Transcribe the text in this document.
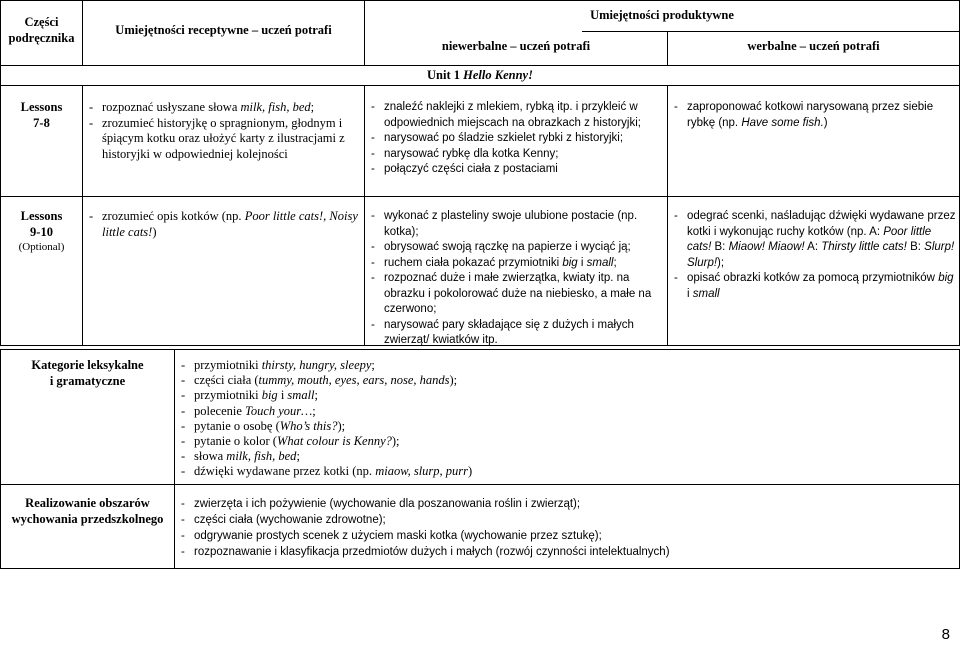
Części podręcznika
Umiejętności receptywne – uczeń potrafi
Umiejętności produktywne
niewerbalne – uczeń potrafi	werbalne – uczeń potrafi
Unit 1 Hello Kenny!
Lessons
7-8
- rozpoznać usłyszane słowa milk, fish, bed;
- zrozumieć historyjkę o spragnionym, głodnym i śpiącym kotku oraz ułożyć karty z ilustracjami z historyjki w odpowiedniej kolejności
- znaleźć naklejki z mlekiem, rybką itp. i przykleić w odpowiednich miejscach na obrazkach z historyjki;
- narysować po śladzie szkielet rybki z historyjki;
- narysować rybkę dla kotka Kenny;
- połączyć części ciała z postaciami
- zaproponować kotkowi narysowaną przez siebie rybkę (np. Have some fish.)
Lessons
9-10
(Optional)
- zrozumieć opis kotków (np. Poor little cats!, Noisy little cats!)
- wykonać z plasteliny swoje ulubione postacie (np. kotka);
- obrysować swoją rączkę na papierze i wyciąć ją;
- ruchem ciała pokazać przymiotniki big i small;
- rozpoznać duże i małe zwierzątka, kwiaty itp. na obrazku i pokolorować duże na niebiesko, a małe na czerwono;
- narysować pary składające się z dużych i małych zwierząt/ kwiatków itp.
- odegrać scenki, naśladując dźwięki wydawane przez kotki i wykonując ruchy kotków (np. A: Poor little cats! B: Miaow! Miaow! A: Thirsty little cats! B: Slurp! Slurp!);
- opisać obrazki kotków za pomocą przymiotników big i small
Kategorie leksykalne
i gramatyczne
- przymiotniki thirsty, hungry, sleepy;
- części ciała (tummy, mouth, eyes, ears, nose, hands);
- przymiotniki big i small;
- polecenie Touch your…;
- pytanie o osobę (Who’s this?);
- pytanie o kolor (What colour is Kenny?);
- słowa milk, fish, bed;
- dźwięki wydawane przez kotki (np. miaow, slurp, purr)
Realizowanie obszarów
wychowania przedszkolnego
- zwierzęta i ich pożywienie (wychowanie dla poszanowania roślin i zwierząt);
- części ciała (wychowanie zdrowotne);
- odgrywanie prostych scenek z użyciem maski kotka (wychowanie przez sztukę);
- rozpoznawanie i klasyfikacja przedmiotów dużych i małych (rozwój czynności intelektualnych)
8
